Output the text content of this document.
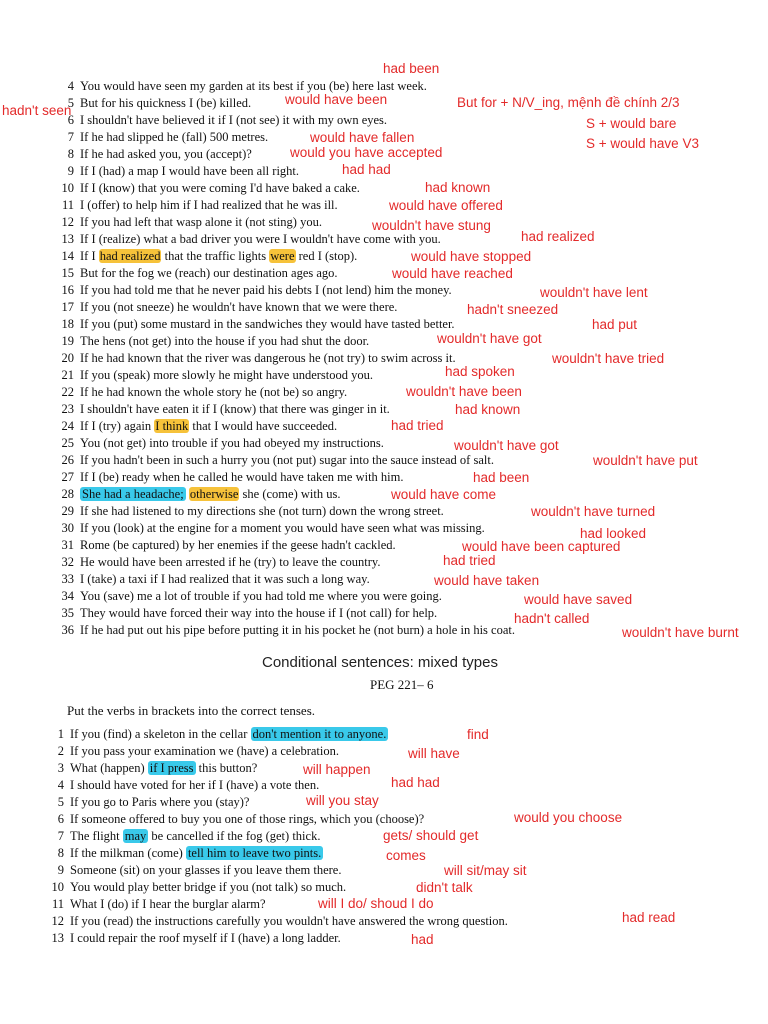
4 You would have seen my garden at its best if you (be) here last week.
5 But for his quickness I (be) killed.
6 I shouldn't have believed it if I (not see) it with my own eyes.
7 If he had slipped he (fall) 500 metres.
8 If he had asked you, you (accept)?
9 If I (had) a map I would have been all right.
10 If I (know) that you were coming I'd have baked a cake.
11 I (offer) to help him if I had realized that he was ill.
12 If you had left that wasp alone it (not sting) you.
13 If I (realize) what a bad driver you were I wouldn't have come with you.
14 If I had realized that the traffic lights were red I (stop).
15 But for the fog we (reach) our destination ages ago.
16 If you had told me that he never paid his debts I (not lend) him the money.
17 If you (not sneeze) he wouldn't have known that we were there.
18 If you (put) some mustard in the sandwiches they would have tasted better.
19 The hens (not get) into the house if you had shut the door.
20 If he had known that the river was dangerous he (not try) to swim across it.
21 If you (speak) more slowly he might have understood you.
22 If he had known the whole story he (not be) so angry.
23 I shouldn't have eaten it if I (know) that there was ginger in it.
24 If I (try) again I think that I would have succeeded.
25 You (not get) into trouble if you had obeyed my instructions.
26 If you hadn't been in such a hurry you (not put) sugar into the sauce instead of salt.
27 If I (be) ready when he called he would have taken me with him.
28 She had a headache; otherwise she (come) with us.
29 If she had listened to my directions she (not turn) down the wrong street.
30 If you (look) at the engine for a moment you would have seen what was missing.
31 Rome (be captured) by her enemies if the geese hadn't cackled.
32 He would have been arrested if he (try) to leave the country.
33 I (take) a taxi if I had realized that it was such a long way.
34 You (save) me a lot of trouble if you had told me where you were going.
35 They would have forced their way into the house if I (not call) for help.
36 If he had put out his pipe before putting it in his pocket he (not burn) a hole in his coat.
had been
would have been
hadn't seen
would have fallen
would you have accepted
had had
had known
would have offered
wouldn't have stung
had realized
would have stopped
would have reached
wouldn't have lent
hadn't sneezed
had put
wouldn't have got
wouldn't have tried
had spoken
wouldn't have been
had known
had tried
wouldn't have got
wouldn't have put
had been
would have come
wouldn't have turned
had looked
would have been captured
had tried
would have taken
would have saved
hadn't called
wouldn't have burnt
But for + N/V_ing, mệnh đề chính 2/3
S + would bare
S + would have V3
Conditional sentences: mixed types
PEG 221– 6
Put the verbs in brackets into the correct tenses.
1 If you (find) a skeleton in the cellar don't mention it to anyone.
2 If you pass your examination we (have) a celebration.
3 What (happen) if I press this button?
4 I should have voted for her if I (have) a vote then.
5 If you go to Paris where you (stay)?
6 If someone offered to buy you one of those rings, which you (choose)?
7 The flight may be cancelled if the fog (get) thick.
8 If the milkman (come) tell him to leave two pints.
9 Someone (sit) on your glasses if you leave them there.
10 You would play better bridge if you (not talk) so much.
11 What I (do) if I hear the burglar alarm?
12 If you (read) the instructions carefully you wouldn't have answered the wrong question.
13 I could repair the roof myself if I (have) a long ladder.
find
will have
will happen
had had
will you stay
would you choose
gets/ should get
comes
will sit/may sit
didn't talk
will I do/ shoud I do
had read
had
